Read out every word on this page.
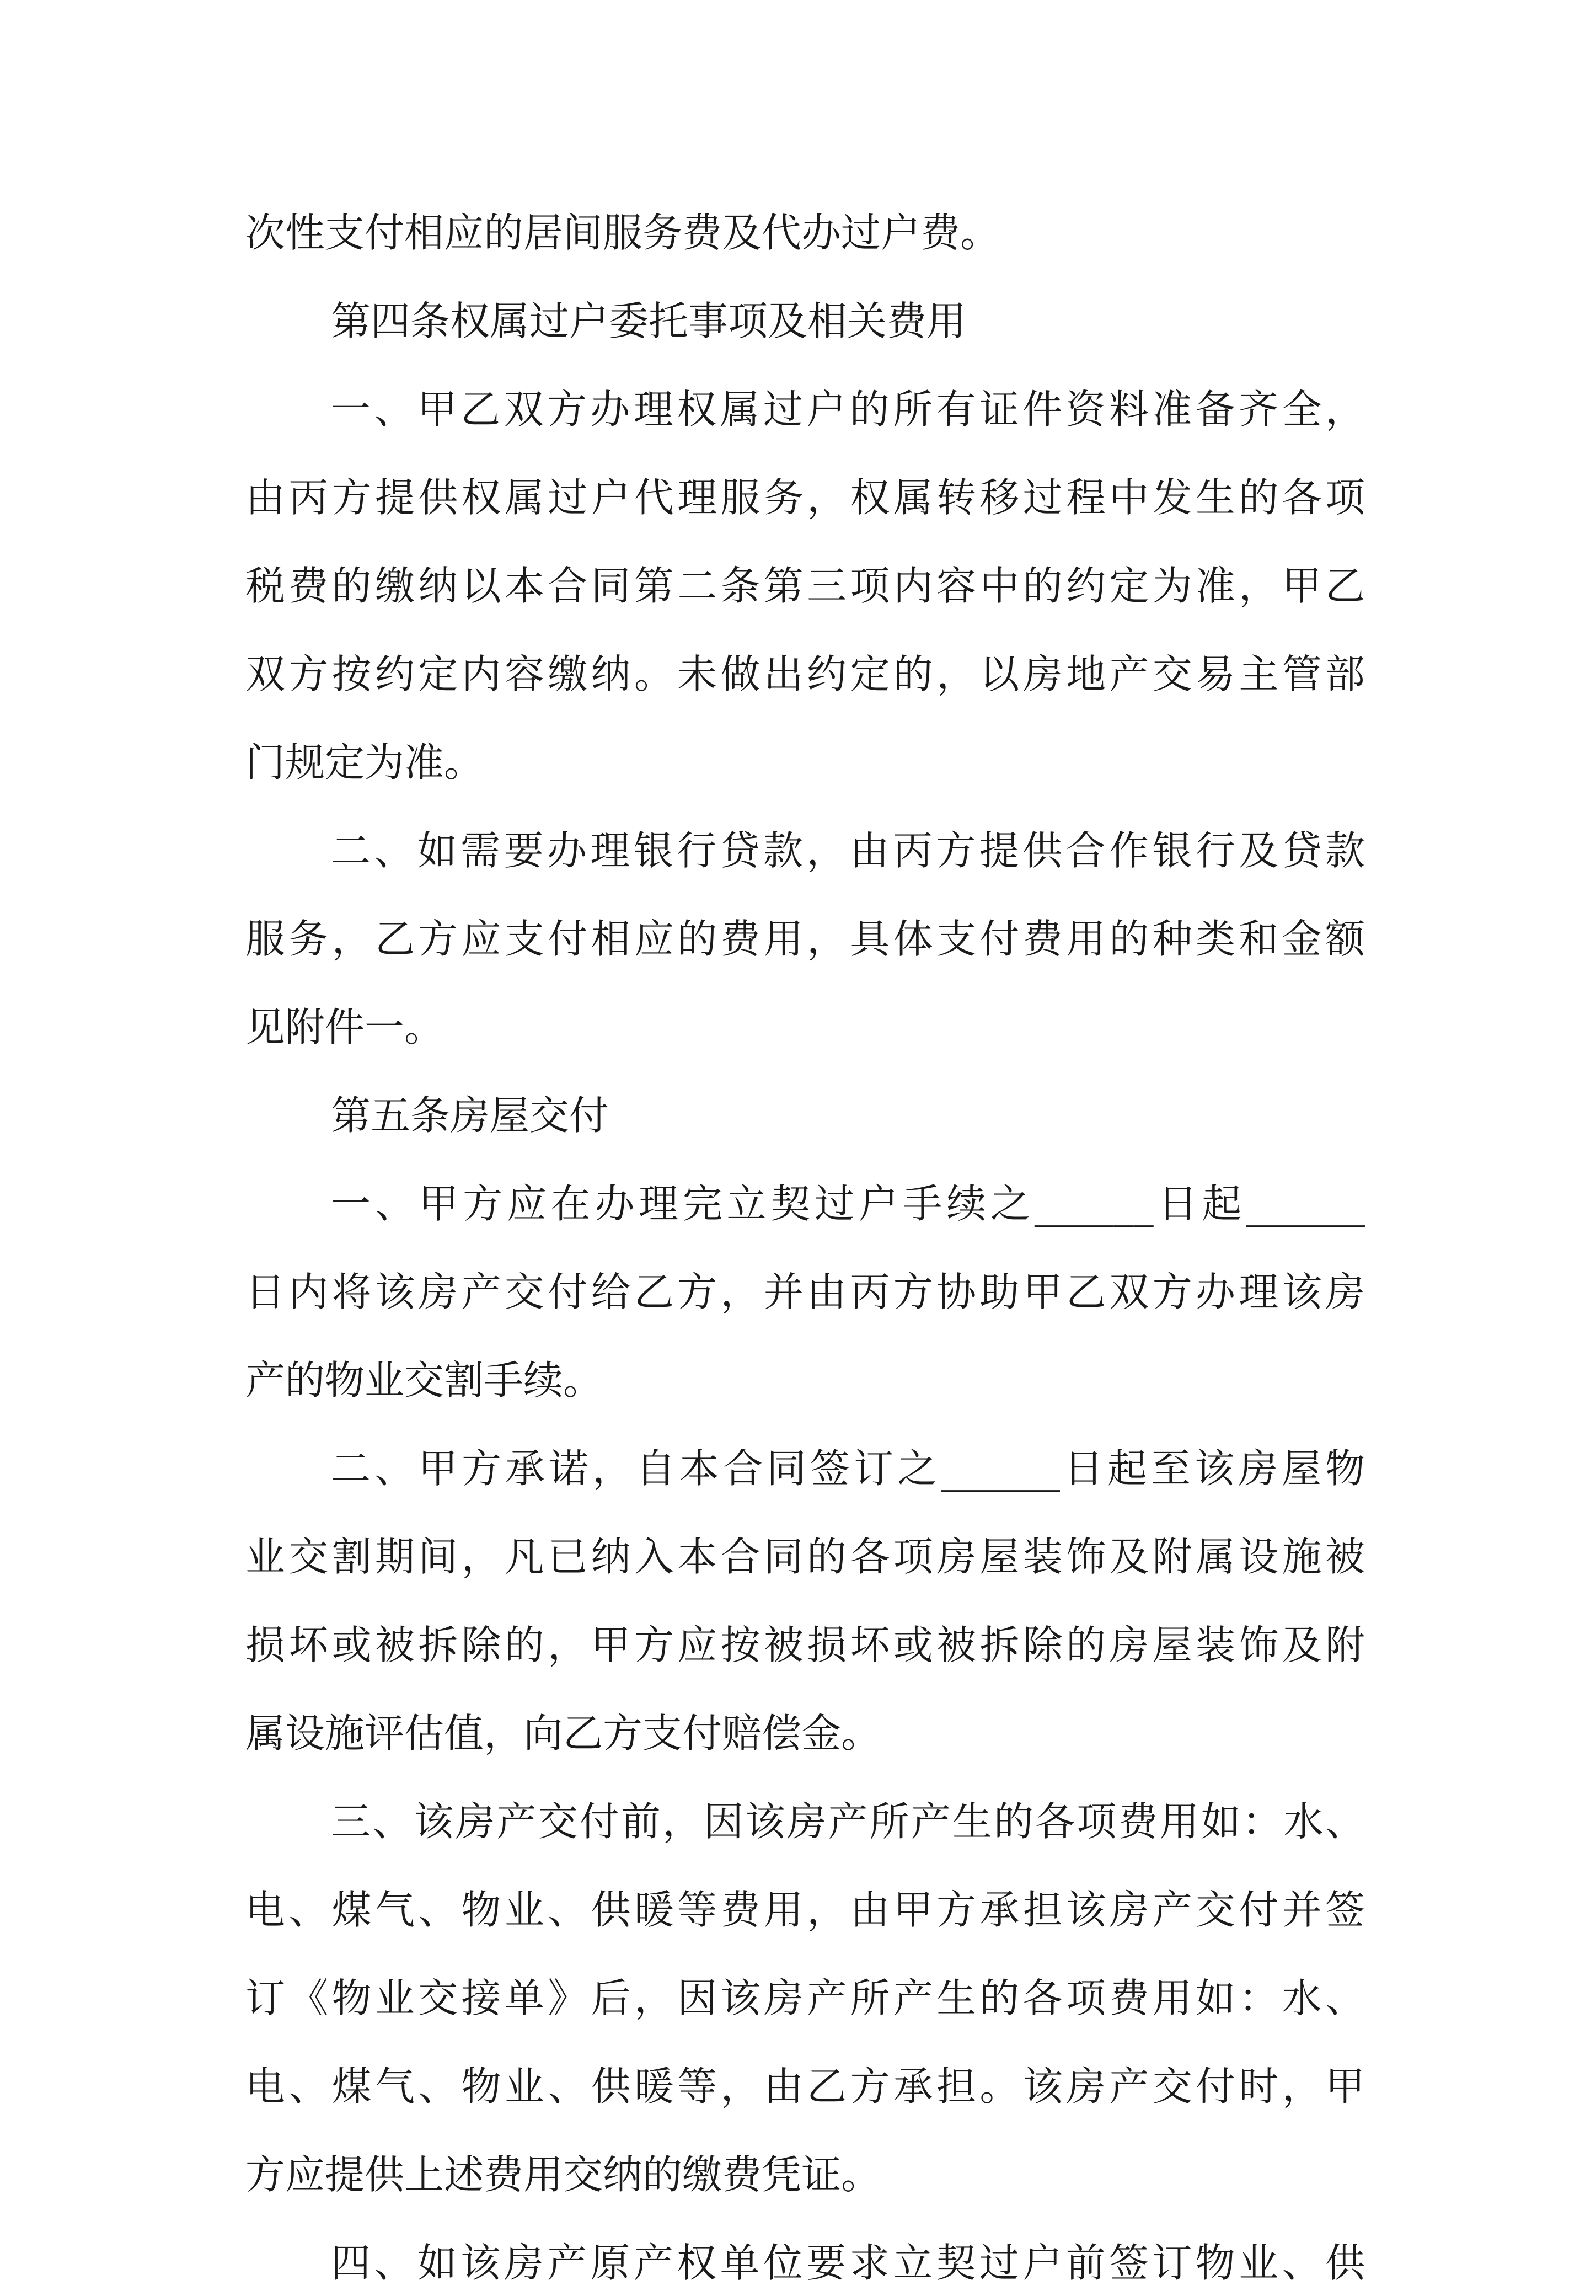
次性支付相应的居间服务费及代办过户费。
第四条权属过户委托事项及相关费用
一、甲乙双方办理权属过户的所有证件资料准备齐全，
由丙方提供权属过户代理服务，权属转移过程中发生的各项
税费的缴纳以本合同第二条第三项内容中的约定为准，甲乙
双方按约定内容缴纳。未做出约定的，以房地产交易主管部
门规定为准。
二、如需要办理银行贷款，由丙方提供合作银行及贷款
服务，乙方应支付相应的费用，具体支付费用的种类和金额
见附件一。
第五条房屋交付
一、甲方应在办理完立契过户手续之______日起______
日内将该房产交付给乙方，并由丙方协助甲乙双方办理该房
产的物业交割手续。
二、甲方承诺，自本合同签订之______日起至该房屋物
业交割期间，凡已纳入本合同的各项房屋装饰及附属设施被
损坏或被拆除的，甲方应按被损坏或被拆除的房屋装饰及附
属设施评估值，向乙方支付赔偿金。
三、该房产交付前，因该房产所产生的各项费用如：水、
电、煤气、物业、供暖等费用，由甲方承担该房产交付并签
订《物业交接单》后，因该房产所产生的各项费用如：水、
电、煤气、物业、供暖等，由乙方承担。该房产交付时，甲
方应提供上述费用交纳的缴费凭证。
四、如该房产原产权单位要求立契过户前签订物业、供
